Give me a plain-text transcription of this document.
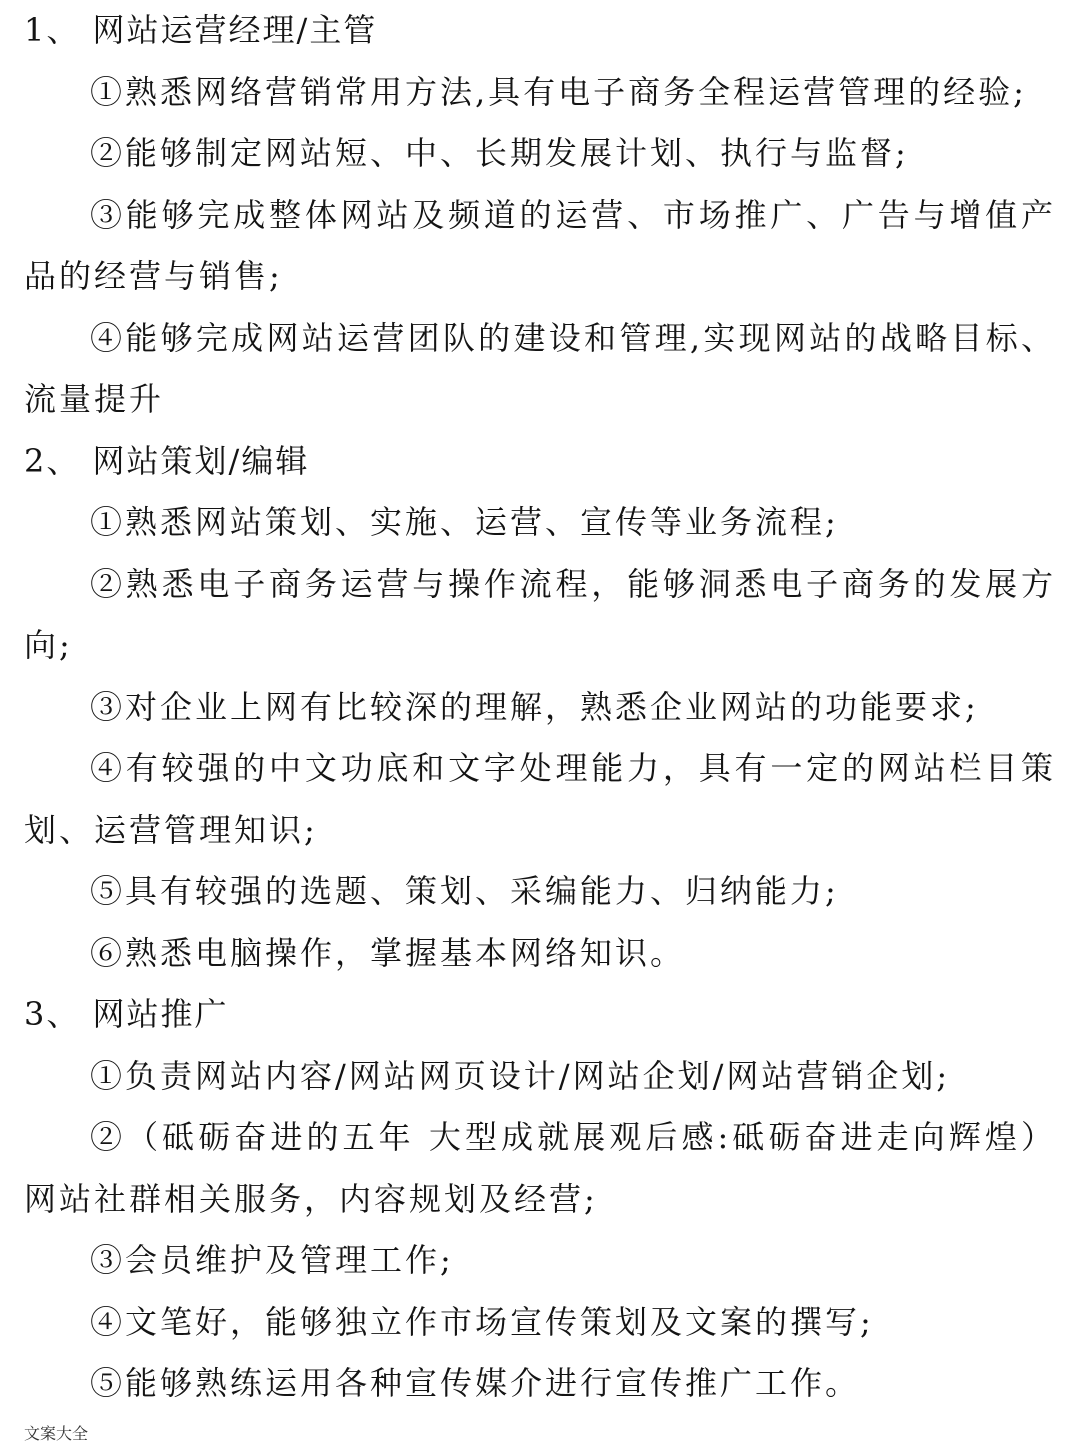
1、 网站运营经理/主管

①熟悉网络营销常用方法,具有电子商务全程运营管理的经验;

②能够制定网站短、中、长期发展计划、执行与监督;

③能够完成整体网站及频道的运营、市场推广、广告与增值产品的经营与销售;

④能够完成网站运营团队的建设和管理,实现网站的战略目标、流量提升

2、 网站策划/编辑

①熟悉网站策划、实施、运营、宣传等业务流程;

②熟悉电子商务运营与操作流程，能够洞悉电子商务的发展方向;

③对企业上网有比较深的理解，熟悉企业网站的功能要求;

④有较强的中文功底和文字处理能力，具有一定的网站栏目策划、运营管理知识;

⑤具有较强的选题、策划、采编能力、归纳能力;

⑥熟悉电脑操作，掌握基本网络知识。

3、 网站推广

①负责网站内容/网站网页设计/网站企划/网站营销企划;

②（砥砺奋进的五年 大型成就展观后感:砥砺奋进走向辉煌）网站社群相关服务，内容规划及经营;

③会员维护及管理工作;

④文笔好，能够独立作市场宣传策划及文案的撰写;

⑤能够熟练运用各种宣传媒介进行宣传推广工作。

文案大全
